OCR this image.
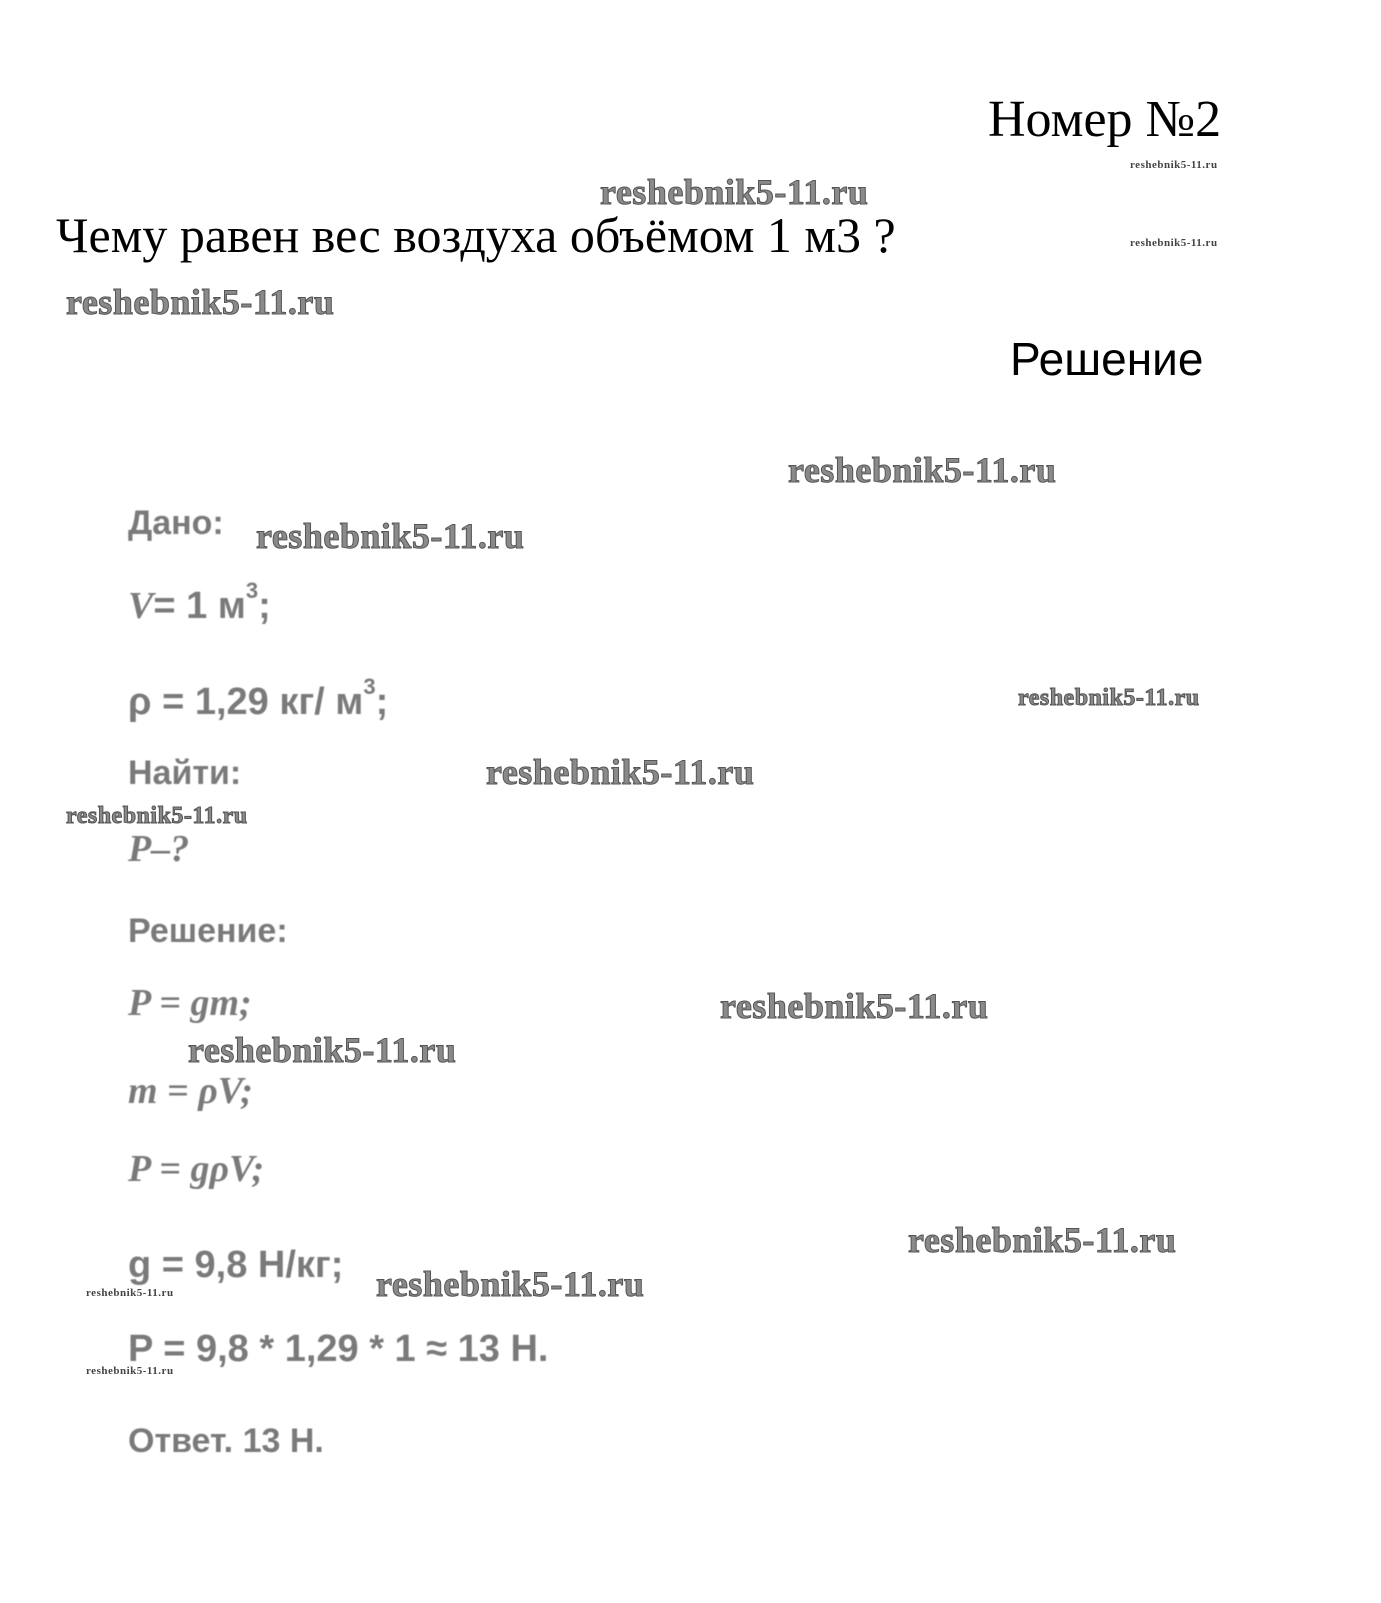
Номер №2
Чему равен вес воздуха объёмом 1 м3 ?
Решение
Дано:
V= 1 $м^3$;
ρ = 1,29 кг/ $м^3$;
Найти:
P–?
Решение:
P = gm;
m = ρV;
P = gρV;
g = 9,8 Н/кг;
P = 9,8 * 1,29 * 1 ≈ 13 Н.
Ответ. 13 Н.
reshebnik5-11.ru
reshebnik5-11.ru
reshebnik5-11.ru
reshebnik5-11.ru
reshebnik5-11.ru
reshebnik5-11.ru
reshebnik5-11.ru
reshebnik5-11.ru
reshebnik5-11.ru
reshebnik5-11.ru
reshebnik5-11.ru
reshebnik5-11.ru
reshebnik5-11.ru
reshebnik5-11.ru
reshebnik5-11.ru
